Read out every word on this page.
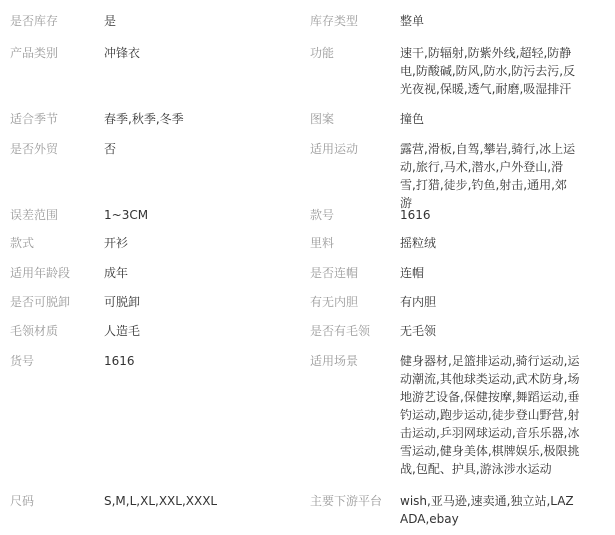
是否库存	是	库存类型	整单
产品类别	冲锋衣	功能	速干,防辐射,防紫外线,超轻,防静电,防酸碱,防风,防水,防污去污,反光夜视,保暖,透气,耐磨,吸湿排汗
适合季节	春季,秋季,冬季	图案	撞色
是否外贸	否	适用运动	露营,滑板,自驾,攀岩,骑行,冰上运动,旅行,马术,潜水,户外登山,滑雪,打猎,徒步,钓鱼,射击,通用,郊游
误差范围	1~3CM	款号	1616
款式	开衫	里料	摇粒绒
适用年龄段	成年	是否连帽	连帽
是否可脱卸	可脱卸	有无内胆	有内胆
毛领材质	人造毛	是否有毛领 无毛领
货号	1616	适用场景	健身器材,足篮排运动,骑行运动,运动潮流,其他球类运动,武术防身,场地游艺设备,保健按摩,舞蹈运动,垂钓运动,跑步运动,徒步登山野营,射击运动,乒羽网球运动,音乐乐器,冰雪运动,健身美体,棋牌娱乐,极限挑战,包配、护具,游泳涉水运动
尺码	S,M,L,XL,XXL,XXXL	主要下游平台 wish,亚马逊,速卖通,独立站,LAZADA,ebay
